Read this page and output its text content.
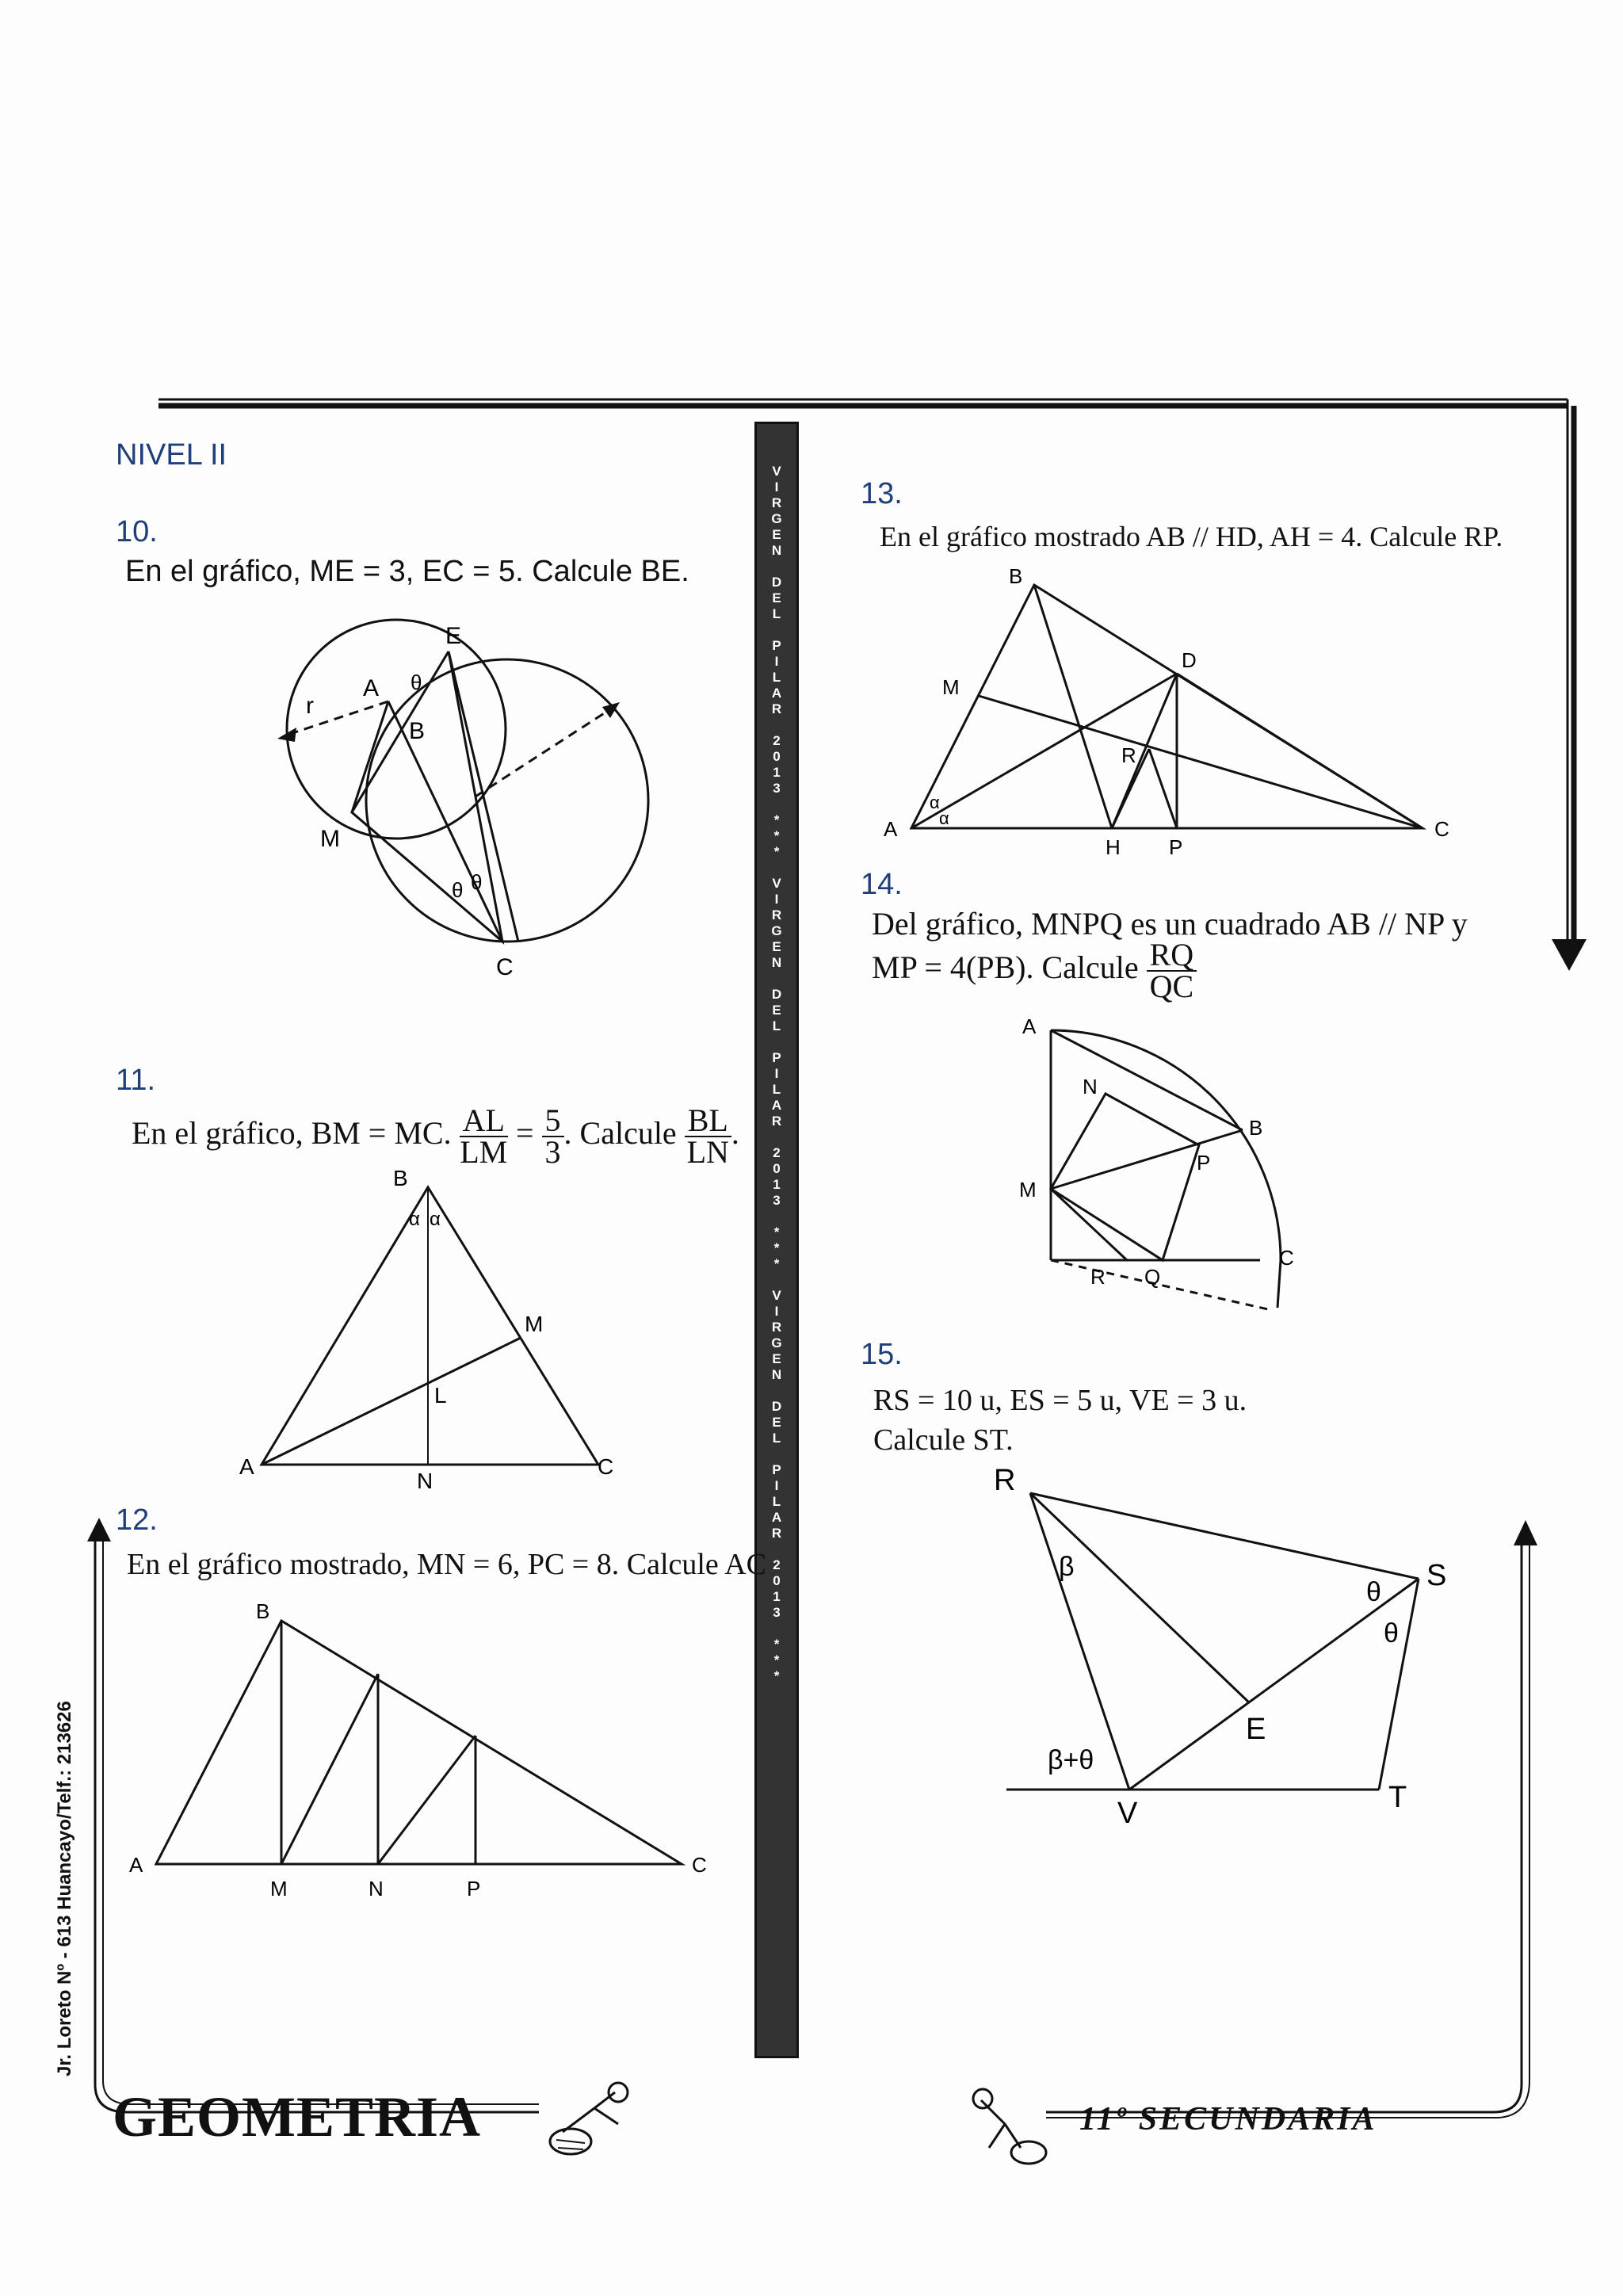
NIVEL II	V
I
R
G
E
N

D
E
L

P
I
L
A
R

2
0
1
3

*
*
*

V
I
R
G
E
N

D
E
L

P
I
L
A
R

2
0
1
3

*
*
*

V
I
R
G
E
N

D
E
L

P
I
L
A
R

2
0
1
3

*
*
*
Jr. Loreto Nº - 613 Huancayo/Telf.: 213626
10.
En el gráfico, ME = 3, EC = 5. Calcule BE.
E
A
B
r
M
C
θ
θ θ
11.
En el gráfico, BM = MC. $\frac{AL}{LM} = \frac{5}{3}$ . Calcule $\frac{BL}{LN}$ .
B
α α
M
L
A
N
C
12.
En el gráfico mostrado, MN = 6, PC = 8. Calcule AC
B
A
M	N	P
C
13.
En el gráfico mostrado AB // HD, AH = 4. Calcule RP.
B
M
D
R
A
H P
C
α
α
14.
Del gráfico, MNPQ es un cuadrado AB // NP y
MP = 4(PB). Calcule $\frac{RQ}{QC}$
A
N
B
P
M
R Q
C
15.
RS = 10 u, ES = 5 u, VE = 3 u.
Calcule ST.
R
S
E
V	T
β
θ
θ
β+θ
GEOMETRIA	11º SECUNDARIA
